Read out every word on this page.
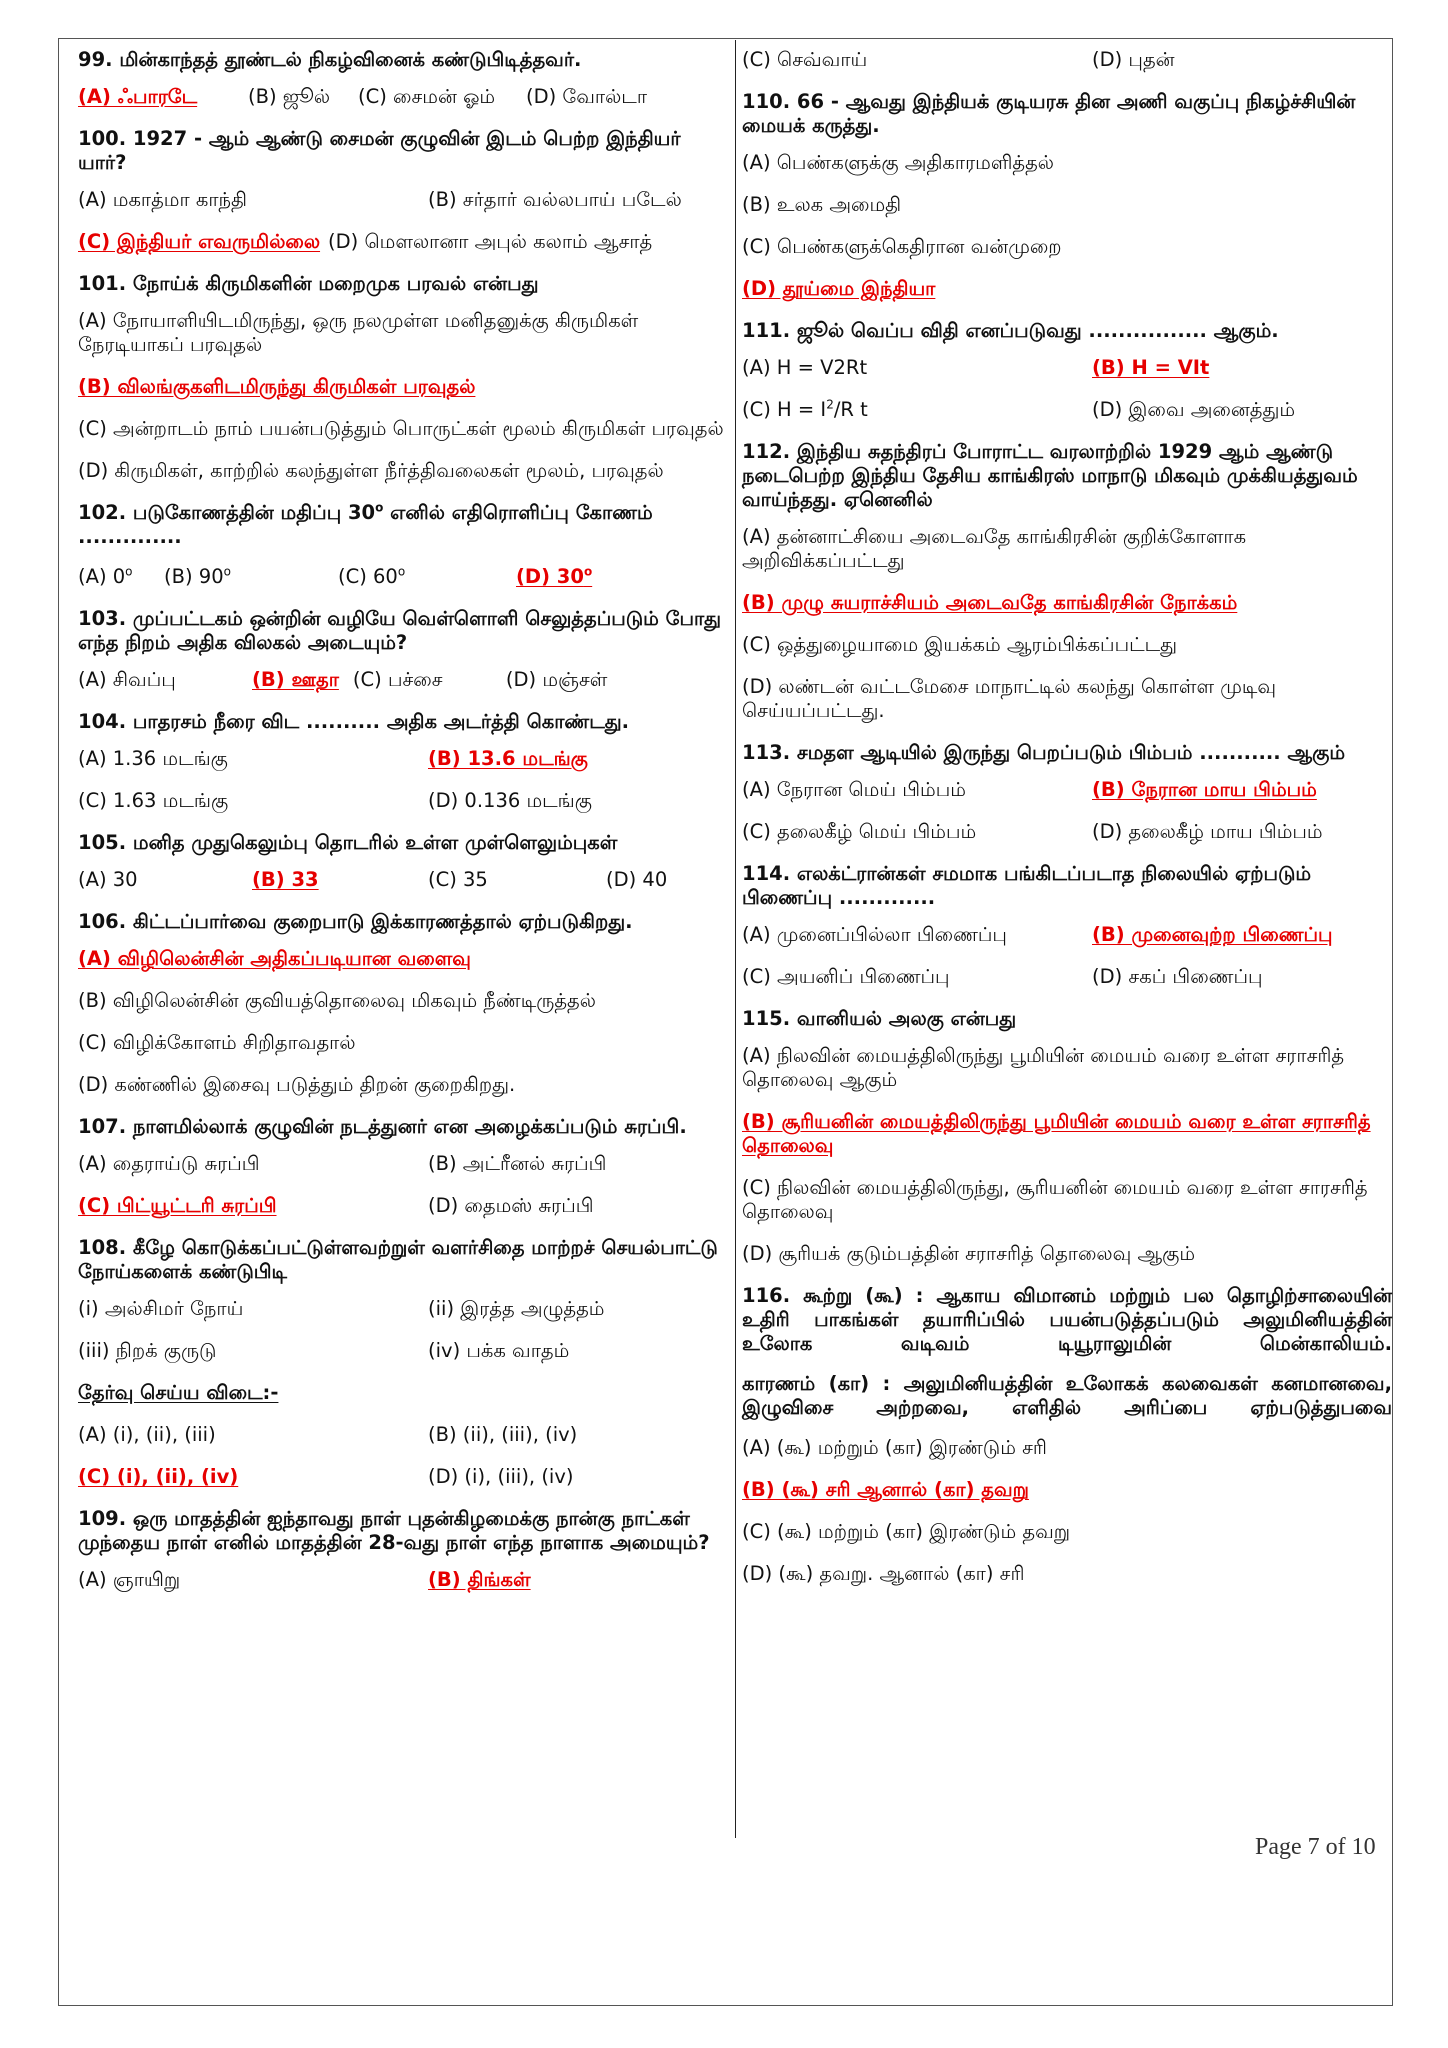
99. மின்காந்தத் தூண்டல் நிகழ்வினைக் கண்டுபிடித்தவர்.
(A) ஃபாரடே	(B) ஜூல்	(C) சைமன் ஓம்	(D) வோல்டா
100. 1927 - ஆம் ஆண்டு சைமன் குழுவின் இடம் பெற்ற இந்தியர் யார்?
(A) மகாத்மா காந்தி	(B) சர்தார் வல்லபாய் படேல்
(C) இந்தியர் எவருமில்லை (D) மௌலானா அபுல் கலாம் ஆசாத்
101. நோய்க் கிருமிகளின் மறைமுக பரவல் என்பது
(A) நோயாளியிடமிருந்து, ஒரு நலமுள்ள மனிதனுக்கு கிருமிகள் நேரடியாகப் பரவுதல்
(B) விலங்குகளிடமிருந்து கிருமிகள் பரவுதல்
(C) அன்றாடம் நாம் பயன்படுத்தும் பொருட்கள் மூலம் கிருமிகள் பரவுதல்
(D) கிருமிகள், காற்றில் கலந்துள்ள நீர்த்திவலைகள் மூலம், பரவுதல்
102. படுகோணத்தின் மதிப்பு 30$^o$ எனில் எதிரொளிப்பு கோணம்
..............
(A) 0$^o$	(B) 90$^o$	(C) 60$^o$	(D) 30$^o$
103. முப்பட்டகம் ஒன்றின் வழியே வெள்ளொளி செலுத்தப்படும் போது எந்த நிறம் அதிக விலகல் அடையும்?
(A) சிவப்பு	(B) ஊதா (C) பச்சை	(D) மஞ்சள்
104. பாதரசம் நீரை விட .......... அதிக அடர்த்தி கொண்டது.
(A) 1.36 மடங்கு	(B) 13.6 மடங்கு
(C) 1.63 மடங்கு	(D) 0.136 மடங்கு
105. மனித முதுகெலும்பு தொடரில் உள்ள முள்ளெலும்புகள்
(A) 30	(B) 33	(C) 35	(D) 40
106. கிட்டப்பார்வை குறைபாடு இக்காரணத்தால் ஏற்படுகிறது.
(A) விழிலென்சின் அதிகப்படியான வளைவு
(B) விழிலென்சின் குவியத்தொலைவு மிகவும் நீண்டிருத்தல்
(C) விழிக்கோளம் சிறிதாவதால்
(D) கண்ணில் இசைவு படுத்தும் திறன் குறைகிறது.
107. நாளமில்லாக் குழுவின் நடத்துனர் என அழைக்கப்படும் சுரப்பி.
(A) தைராய்டு சுரப்பி	(B) அட்ரீனல் சுரப்பி
(C) பிட்யூட்டரி சுரப்பி	(D) தைமஸ் சுரப்பி
108. கீழே கொடுக்கப்பட்டுள்ளவற்றுள் வளர்சிதை மாற்றச் செயல்பாட்டு நோய்களைக் கண்டுபிடி
(i) அல்சிமர் நோய்	(ii) இரத்த அழுத்தம்
(iii) நிறக் குருடு	(iv) பக்க வாதம்
தேர்வு செய்ய விடை:-
(A) (i), (ii), (iii)	(B) (ii), (iii), (iv)
(C) (i), (ii), (iv)	(D) (i), (iii), (iv)
109. ஒரு மாதத்தின் ஐந்தாவது நாள் புதன்கிழமைக்கு நான்கு நாட்கள் முந்தைய நாள் எனில் மாதத்தின் 28-வது நாள் எந்த நாளாக அமையும்?
(A) ஞாயிறு	(B) திங்கள்
(C) செவ்வாய்	(D) புதன்
110. 66 - ஆவது இந்தியக் குடியரசு தின அணி வகுப்பு நிகழ்ச்சியின் மையக் கருத்து.
(A) பெண்களுக்கு அதிகாரமளித்தல்
(B) உலக அமைதி
(C) பெண்களுக்கெதிரான வன்முறை
(D) தூய்மை இந்தியா
111. ஜூல் வெப்ப விதி எனப்படுவது ................ ஆகும்.
(A) H = V2Rt	(B) H = VIt
(C) $H = I^2/R$ t	(D) இவை அனைத்தும்
112. இந்திய சுதந்திரப் போராட்ட வரலாற்றில் 1929 ஆம் ஆண்டு நடைபெற்ற இந்திய தேசிய காங்கிரஸ் மாநாடு மிகவும் முக்கியத்துவம் வாய்ந்தது. ஏனெனில்
(A) தன்னாட்சியை அடைவதே காங்கிரசின் குறிக்கோளாக அறிவிக்கப்பட்டது
(B) முழு சுயராச்சியம் அடைவதே காங்கிரசின் நோக்கம்
(C) ஒத்துழையாமை இயக்கம் ஆரம்பிக்கப்பட்டது
(D) லண்டன் வட்டமேசை மாநாட்டில் கலந்து கொள்ள முடிவு செய்யப்பட்டது.
113. சமதள ஆடியில் இருந்து பெறப்படும் பிம்பம் ........... ஆகும்
(A) நேரான மெய் பிம்பம்	(B) நேரான மாய பிம்பம்
(C) தலைகீழ் மெய் பிம்பம்	(D) தலைகீழ் மாய பிம்பம்
114. எலக்ட்ரான்கள் சமமாக பங்கிடப்படாத நிலையில் ஏற்படும் பிணைப்பு .............
(A) முனைப்பில்லா பிணைப்பு	(B) முனைவுற்ற பிணைப்பு
(C) அயனிப் பிணைப்பு	(D) சகப் பிணைப்பு
115. வானியல் அலகு என்பது
(A) நிலவின் மையத்திலிருந்து பூமியின் மையம் வரை உள்ள சராசரித் தொலைவு ஆகும்
(B) சூரியனின் மையத்திலிருந்து பூமியின் மையம் வரை உள்ள சராசரித் தொலைவு
(C) நிலவின் மையத்திலிருந்து, சூரியனின் மையம் வரை உள்ள சாரசரித் தொலைவு
(D) சூரியக் குடும்பத்தின் சராசரித் தொலைவு ஆகும்
116. கூற்று (கூ) : ஆகாய விமானம் மற்றும் பல தொழிற்சாலையின் உதிரி பாகங்கள் தயாரிப்பில் பயன்படுத்தப்படும் அலுமினியத்தின் உலோக வடிவம் டியூராலுமின் மென்காலியம்.
காரணம் (கா) : அலுமினியத்தின் உலோகக் கலவைகள் கனமானவை, இழுவிசை அற்றவை, எளிதில் அரிப்பை ஏற்படுத்துபவை
(A) (கூ) மற்றும் (கா) இரண்டும் சரி
(B) (கூ) சரி ஆனால் (கா) தவறு
(C) (கூ) மற்றும் (கா) இரண்டும் தவறு
(D) (கூ) தவறு. ஆனால் (கா) சரி
Page 7 of 10
